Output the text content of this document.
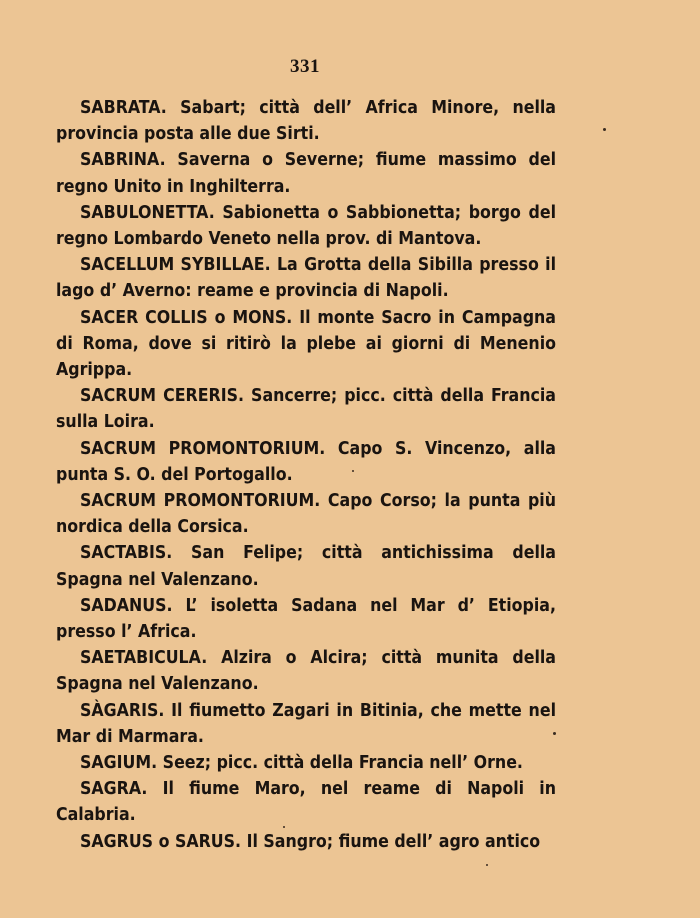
331

SABRATA. Sabart; città dell’ Africa Minore, nella provincia posta alle due Sirti.

SABRINA. Saverna o Severne; fiume massimo del regno Unito in Inghilterra.

SABULONETTA. Sabionetta o Sabbionetta; borgo del regno Lombardo Veneto nella prov. di Mantova.

SACELLUM SYBILLAE. La Grotta della Sibilla presso il lago d’ Averno: reame e provincia di Napoli.

SACER COLLIS o MONS. Il monte Sacro in Campagna di Roma, dove si ritirò la plebe ai giorni di Menenio Agrippa.

SACRUM CERERIS. Sancerre; picc. città della Francia sulla Loira.

SACRUM PROMONTORIUM. Capo S. Vincenzo, alla punta S. O. del Portogallo.

SACRUM PROMONTORIUM. Capo Corso; la punta più nordica della Corsica.

SACTABIS. San Felipe; città antichissima della Spagna nel Valenzano.

SADANUS. L’ isoletta Sadana nel Mar d’ Etiopia, presso l’ Africa.

SAETABICULA. Alzira o Alcira; città munita della Spagna nel Valenzano.

SÀGARIS. Il fiumetto Zagari in Bitinia, che mette nel Mar di Marmara.

SAGIUM. Seez; picc. città della Francia nell’ Orne.

SAGRA. Il fiume Maro, nel reame di Napoli in Calabria.

SAGRUS o SARUS. Il Sangro; fiume dell’ agro antico
